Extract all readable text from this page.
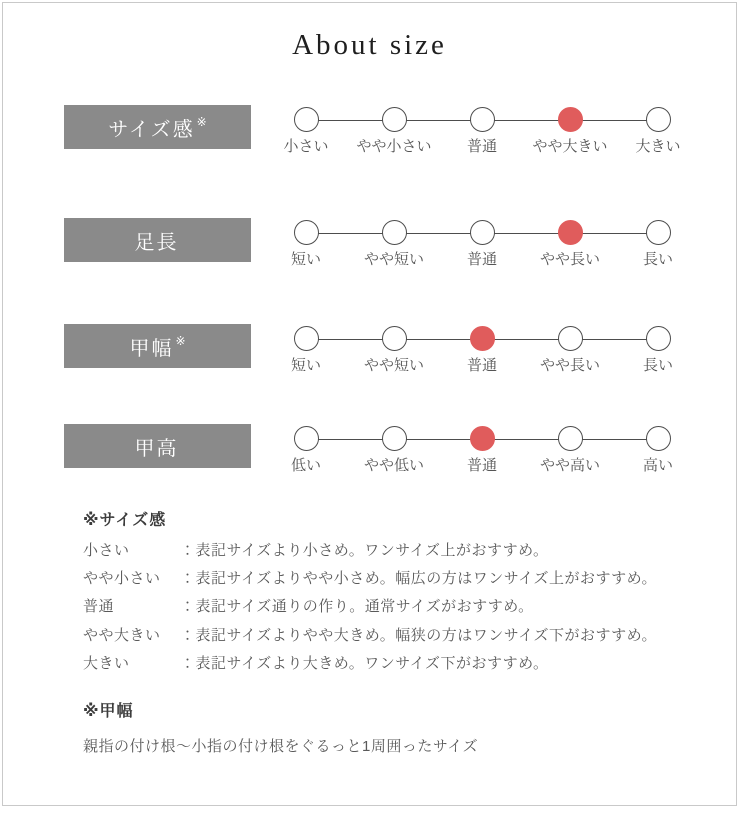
About size
サイズ感※
小さい やや小さい 普通 やや大きい 大きい
足長
短い	やや短い	普通	やや長い	長い
甲幅※
短い	やや短い	普通	やや長い	長い
甲高
低い	やや低い	普通	やや高い	高い

※サイズ感

小さい	：表記サイズより小さめ。ワンサイズ上がおすすめ。
やや小さい	：表記サイズよりやや小さめ。幅広の方はワンサイズ上がおすすめ。
普通	：表記サイズ通りの作り。通常サイズがおすすめ。
やや大きい	：表記サイズよりやや大きめ。幅狭の方はワンサイズ下がおすすめ。
大きい	：表記サイズより大きめ。ワンサイズ下がおすすめ。

※甲幅

親指の付け根〜小指の付け根をぐるっと1周囲ったサイズ
